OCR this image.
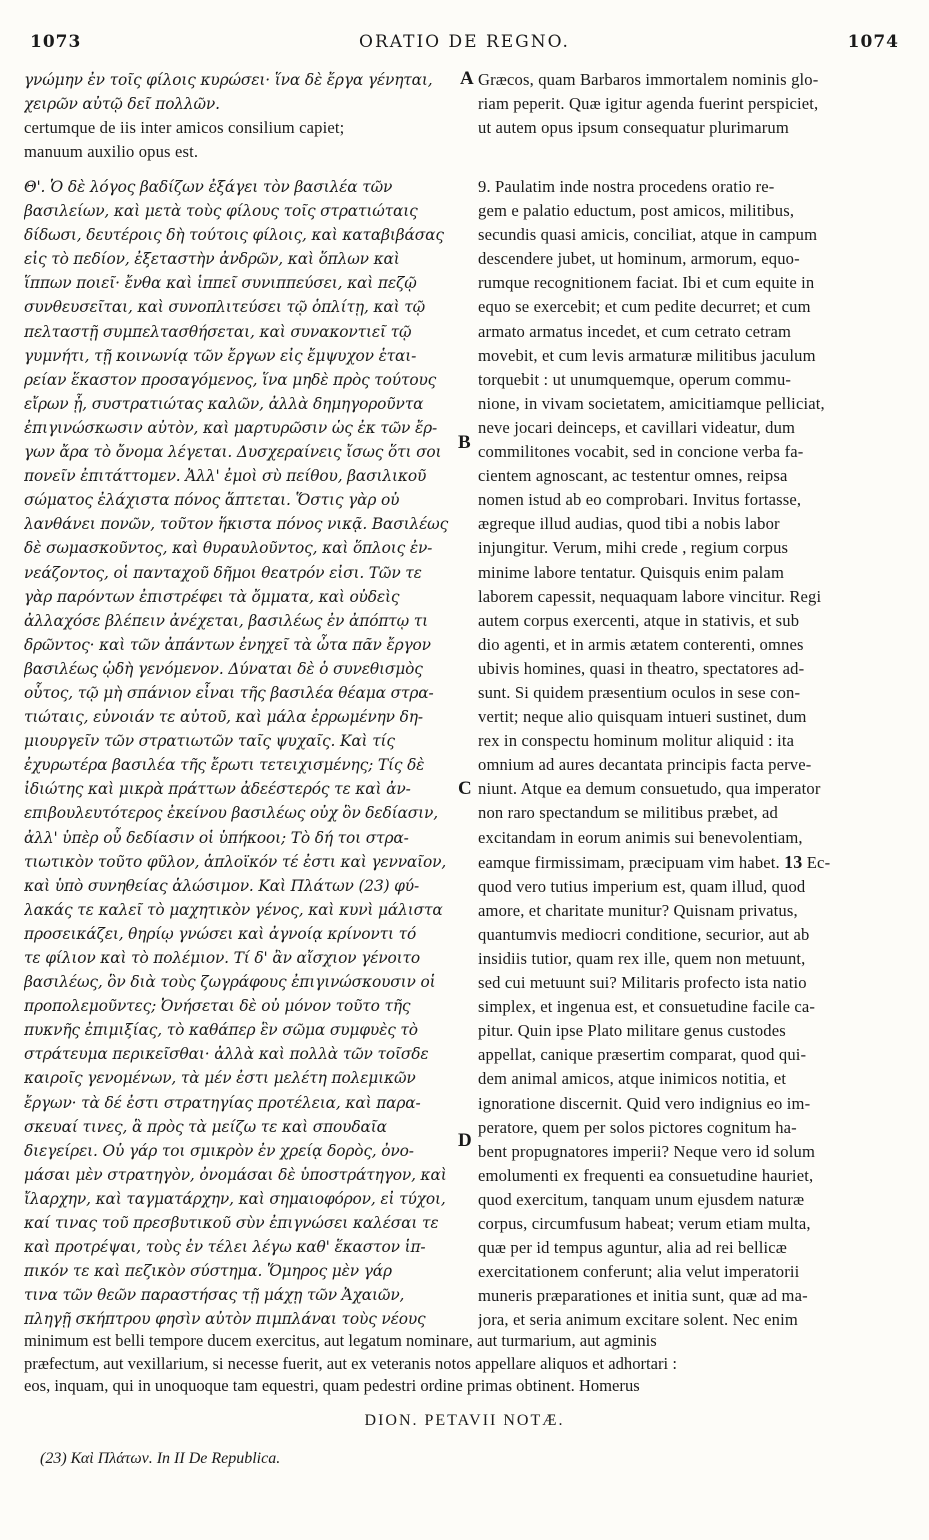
1073	ORATIO DE REGNO.	1074
γνώμην ἐν τοῖς φίλοις κυρώσει· ἵνα δὲ ἔργα γένηται,
χειρῶν αὐτῷ δεῖ πολλῶν.
certumque de iis inter amicos consilium capiet;
manuum auxilio opus est.
Θ'. Ὁ δὲ λόγος βαδίζων ἐξάγει τὸν βασιλέα τῶν
βασιλείων, καὶ μετὰ τοὺς φίλους τοῖς στρατιώταις
δίδωσι, δευτέροις δὴ τούτοις φίλοις, καὶ καταβιβάσας
εἰς τὸ πεδίον, ἐξεταστὴν ἀνδρῶν, καὶ ὅπλων καὶ
ἵππων ποιεῖ· ἔνθα καὶ ἱππεῖ συνιππεύσει, καὶ πεζῷ
συνθευσεῖται, καὶ συνοπλιτεύσει τῷ ὁπλίτῃ, καὶ τῷ
πελταστῇ συμπελτασθήσεται, καὶ συνακοντιεῖ τῷ
γυμνήτι, τῇ κοινωνίᾳ τῶν ἔργων εἰς ἔμψυχον ἑται-
ρείαν ἕκαστον προσαγόμενος, ἵνα μηδὲ πρὸς τούτους
εἴρων ᾖ, συστρατιώτας καλῶν, ἀλλὰ δημηγοροῦντα
ἐπιγινώσκωσιν αὐτὸν, καὶ μαρτυρῶσιν ὡς ἐκ τῶν ἔρ-
γων ἄρα τὸ ὄνομα λέγεται. Δυσχεραίνεις ἴσως ὅτι σοι
πονεῖν ἐπιτάττομεν. Ἀλλ' ἐμοὶ σὺ πείθου, βασιλικοῦ
σώματος ἐλάχιστα πόνος ἅπτεται. Ὅστις γὰρ οὐ
λανθάνει πονῶν, τοῦτον ἥκιστα πόνος νικᾷ. Βασιλέως
δὲ σωμασκοῦντος, καὶ θυραυλοῦντος, καὶ ὅπλοις ἐν-
νεάζοντος, οἱ πανταχοῦ δῆμοι θεατρόν εἰσι. Τῶν τε
γὰρ παρόντων ἐπιστρέφει τὰ ὄμματα, καὶ οὐδεὶς
ἀλλαχόσε βλέπειν ἀνέχεται, βασιλέως ἐν ἀπόπτῳ τι
δρῶντος· καὶ τῶν ἀπάντων ἐνηχεῖ τὰ ὦτα πᾶν ἔργον
βασιλέως ᾠδὴ γενόμενον. Δύναται δὲ ὁ συνεθισμὸς
οὗτος, τῷ μὴ σπάνιον εἶναι τῆς βασιλέα θέαμα στρα-
τιώταις, εὐνοιάν τε αὐτοῦ, καὶ μάλα ἐρρωμένην δη-
μιουργεῖν τῶν στρατιωτῶν ταῖς ψυχαῖς. Καὶ τίς
ἐχυρωτέρα βασιλέα τῆς ἔρωτι τετειχισμένης; Τίς δὲ
ἰδιώτης καὶ μικρὰ πράττων ἀδεέστερός τε καὶ ἀν-
επιβουλευτότερος ἐκείνου βασιλέως οὐχ ὃν δεδίασιν,
ἀλλ' ὑπὲρ οὗ δεδίασιν οἱ ὑπήκοοι; Τὸ δή τοι στρα-
τιωτικὸν τοῦτο φῦλον, ἁπλοϊκόν τέ ἐστι καὶ γενναῖον,
καὶ ὑπὸ συνηθείας ἁλώσιμον. Καὶ Πλάτων (23) φύ-
λακάς τε καλεῖ τὸ μαχητικὸν γένος, καὶ κυνὶ μάλιστα
προσεικάζει, θηρίῳ γνώσει καὶ ἀγνοίᾳ κρίνοντι τό
τε φίλιον καὶ τὸ πολέμιον. Τί δ' ἂν αἴσχιον γένοιτο
βασιλέως, ὃν διὰ τοὺς ζωγράφους ἐπιγινώσκουσιν οἱ
προπολεμοῦντες; Ὀνήσεται δὲ οὐ μόνον τοῦτο τῆς
πυκνῆς ἐπιμιξίας, τὸ καθάπερ ἓν σῶμα συμφυὲς τὸ
στράτευμα περικεῖσθαι· ἀλλὰ καὶ πολλὰ τῶν τοῖσδε
καιροῖς γενομένων, τὰ μέν ἐστι μελέτη πολεμικῶν
ἔργων· τὰ δέ ἐστι στρατηγίας προτέλεια, καὶ παρα-
σκευαί τινες, ἃ πρὸς τὰ μείζω τε καὶ σπουδαῖα
διεγείρει. Οὐ γάρ τοι σμικρὸν ἐν χρείᾳ δορὸς, ὀνο-
μάσαι μὲν στρατηγὸν, ὀνομάσαι δὲ ὑποστράτηγον, καὶ
ἴλαρχην, καὶ ταγματάρχην, καὶ σημαιοφόρον, εἰ τύχοι,
καί τινας τοῦ πρεσβυτικοῦ σὺν ἐπιγνώσει καλέσαι τε
καὶ προτρέψαι, τοὺς ἐν τέλει λέγω καθ' ἕκαστον ἱπ-
πικόν τε καὶ πεζικὸν σύστημα. Ὅμηρος μὲν γάρ
τινα τῶν θεῶν παραστήσας τῇ μάχῃ τῶν Ἀχαιῶν,
πληγῇ σκήπτρου φησὶν αὐτὸν πιμπλάναι τοὺς νέους
Græcos, quam Barbaros immortalem nominis glo-
riam peperit. Quæ igitur agenda fuerint perspiciet,
ut autem opus ipsum consequatur plurimarum
9. Paulatim inde nostra procedens oratio re-
gem e palatio eductum, post amicos, militibus,
secundis quasi amicis, conciliat, atque in campum
descendere jubet, ut hominum, armorum, equo-
rumque recognitionem faciat. Ibi et cum equite in
equo se exercebit; et cum pedite decurret; et cum
armato armatus incedet, et cum cetrato cetram
movebit, et cum levis armaturæ militibus jaculum
torquebit : ut unumquemque, operum commu-
nione, in vivam societatem, amicitiamque pelliciat,
neve jocari deinceps, et cavillari videatur, dum
commilitones vocabit, sed in concione verba fa-
cientem agnoscant, ac testentur omnes, reipsa
nomen istud ab eo comprobari. Invitus fortasse,
ægreque illud audias, quod tibi a nobis labor
injungitur. Verum, mihi crede , regium corpus
minime labore tentatur. Quisquis enim palam
laborem capessit, nequaquam labore vincitur. Regi
autem corpus exercenti, atque in stativis, et sub
dio agenti, et in armis ætatem conterenti, omnes
ubivis homines, quasi in theatro, spectatores ad-
sunt. Si quidem præsentium oculos in sese con-
vertit; neque alio quisquam intueri sustinet, dum
rex in conspectu hominum molitur aliquid : ita
omnium ad aures decantata principis facta perve-
niunt. Atque ea demum consuetudo, qua imperator
non raro spectandum se militibus præbet, ad
excitandam in eorum animis sui benevolentiam,
eamque firmissimam, præcipuam vim habet. 13 Ec-
quod vero tutius imperium est, quam illud, quod
amore, et charitate munitur? Quisnam privatus,
quantumvis mediocri conditione, securior, aut ab
insidiis tutior, quam rex ille, quem non metuunt,
sed cui metuunt sui? Militaris profecto ista natio
simplex, et ingenua est, et consuetudine facile ca-
pitur. Quin ipse Plato militare genus custodes
appellat, canique præsertim comparat, quod qui-
dem animal amicos, atque inimicos notitia, et
ignoratione discernit. Quid vero indignius eo im-
peratore, quem per solos pictores cognitum ha-
bent propugnatores imperii? Neque vero id solum
emolumenti ex frequenti ea consuetudine hauriet,
quod exercitum, tanquam unum ejusdem naturæ
corpus, circumfusum habeat; verum etiam multa,
quæ per id tempus aguntur, alia ad rei bellicæ
exercitationem conferunt; alia velut imperatorii
muneris præparationes et initia sunt, quæ ad ma-
jora, et seria animum excitare solent. Nec enim
A
B
C
D
minimum est belli tempore ducem exercitus, aut legatum nominare, aut turmarium, aut agminis
præfectum, aut vexillarium, si necesse fuerit, aut ex veteranis notos appellare aliquos et adhortari :
eos, inquam, qui in unoquoque tam equestri, quam pedestri ordine primas obtinent. Homerus
DION. PETAVII NOTÆ.
(23) Καὶ Πλάτων. In II De Republica.
